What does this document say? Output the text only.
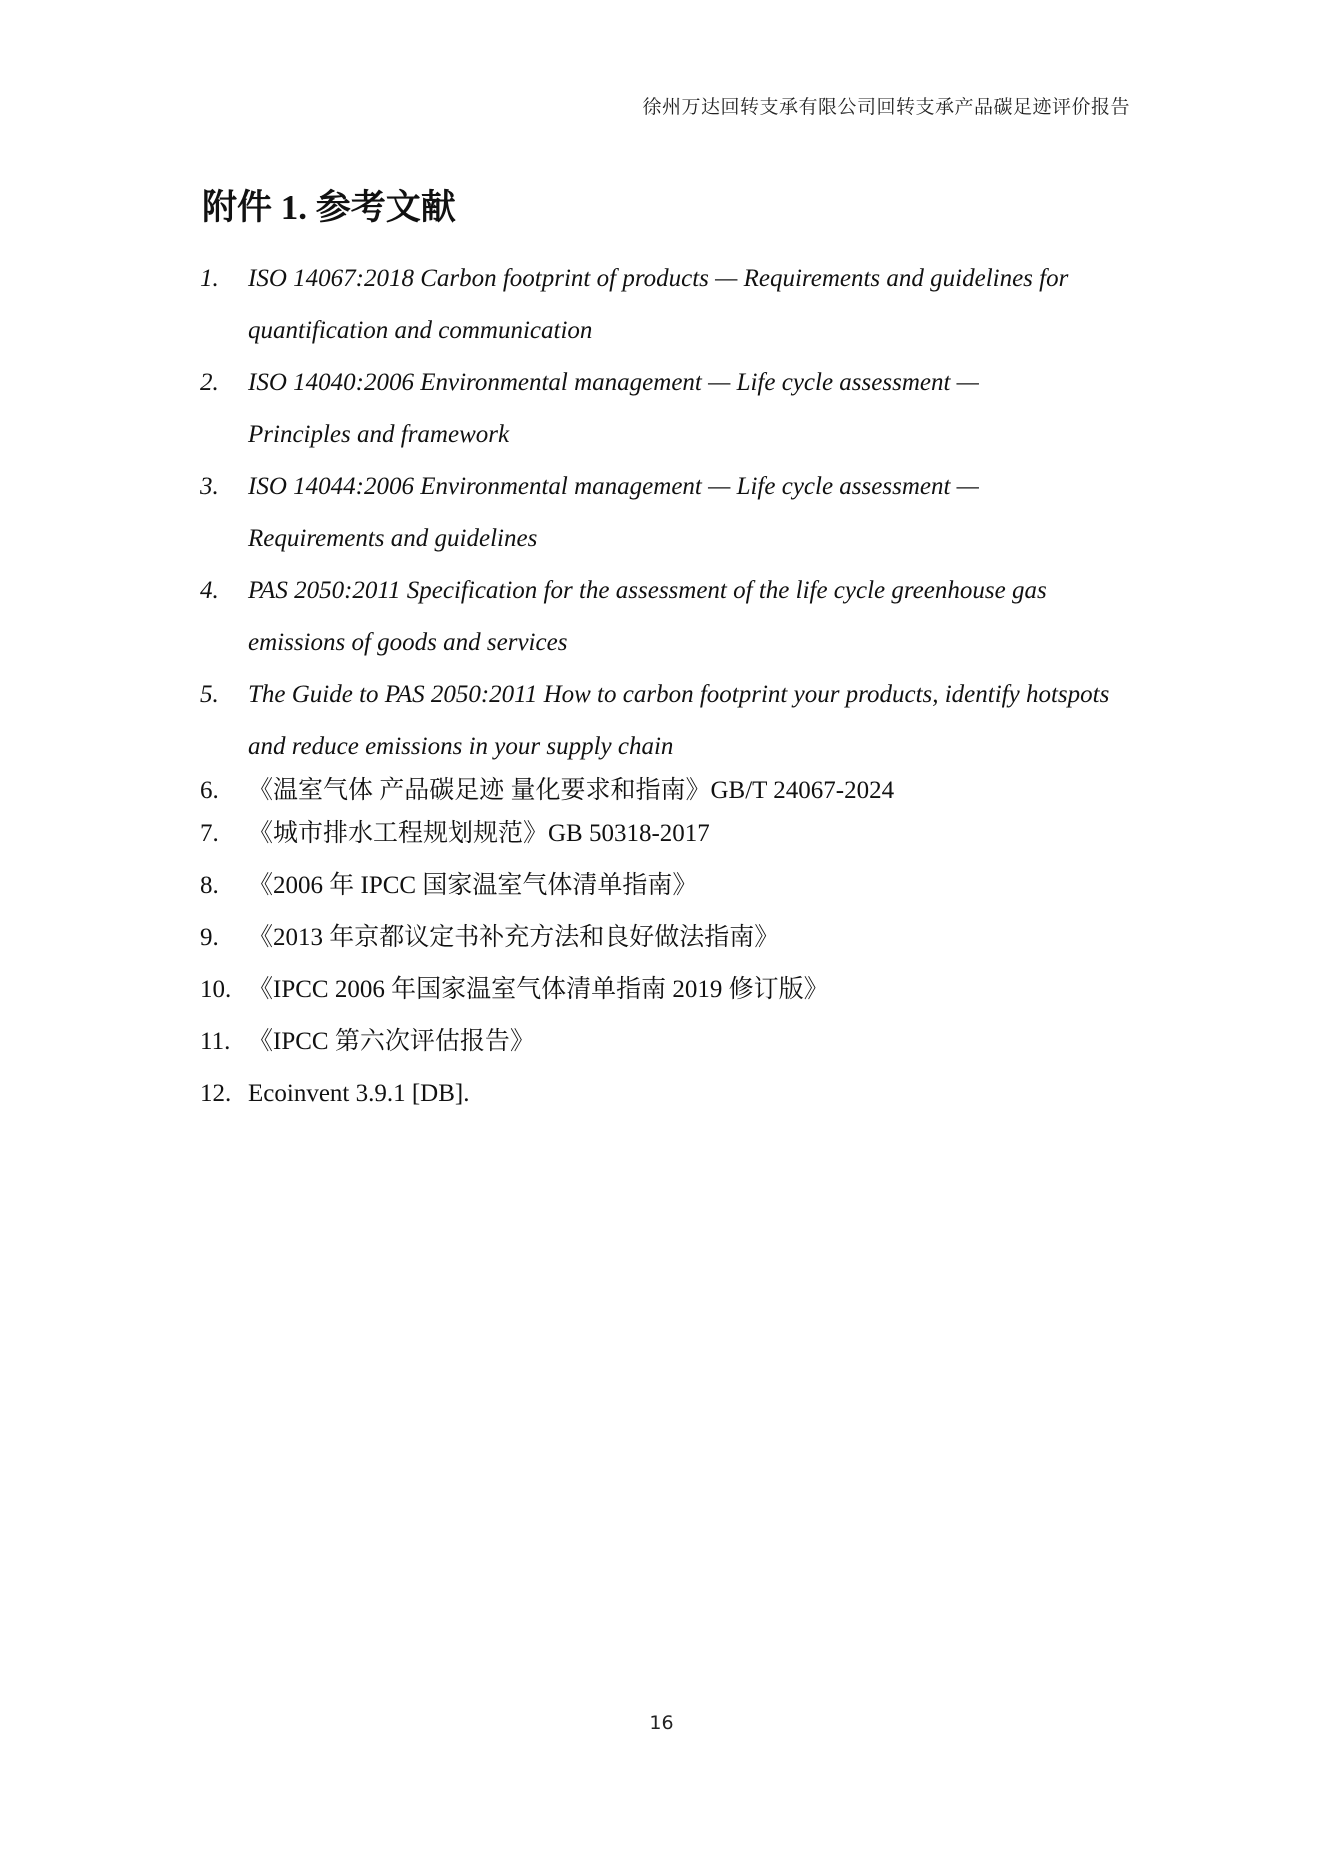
徐州万达回转支承有限公司回转支承产品碳足迹评价报告
附件 1. 参考文献
1. ISO 14067:2018 Carbon footprint of products — Requirements and guidelines for quantification and communication
2. ISO 14040:2006 Environmental management — Life cycle assessment — Principles and framework
3. ISO 14044:2006 Environmental management — Life cycle assessment — Requirements and guidelines
4. PAS 2050:2011 Specification for the assessment of the life cycle greenhouse gas emissions of goods and services
5. The Guide to PAS 2050:2011 How to carbon footprint your products, identify hotspots and reduce emissions in your supply chain
6. 《温室气体 产品碳足迹 量化要求和指南》GB/T 24067-2024
7. 《城市排水工程规划规范》GB 50318-2017
8. 《2006 年 IPCC 国家温室气体清单指南》
9. 《2013 年京都议定书补充方法和良好做法指南》
10. 《IPCC 2006 年国家温室气体清单指南 2019 修订版》
11. 《IPCC 第六次评估报告》
12. Ecoinvent 3.9.1 [DB].
16
